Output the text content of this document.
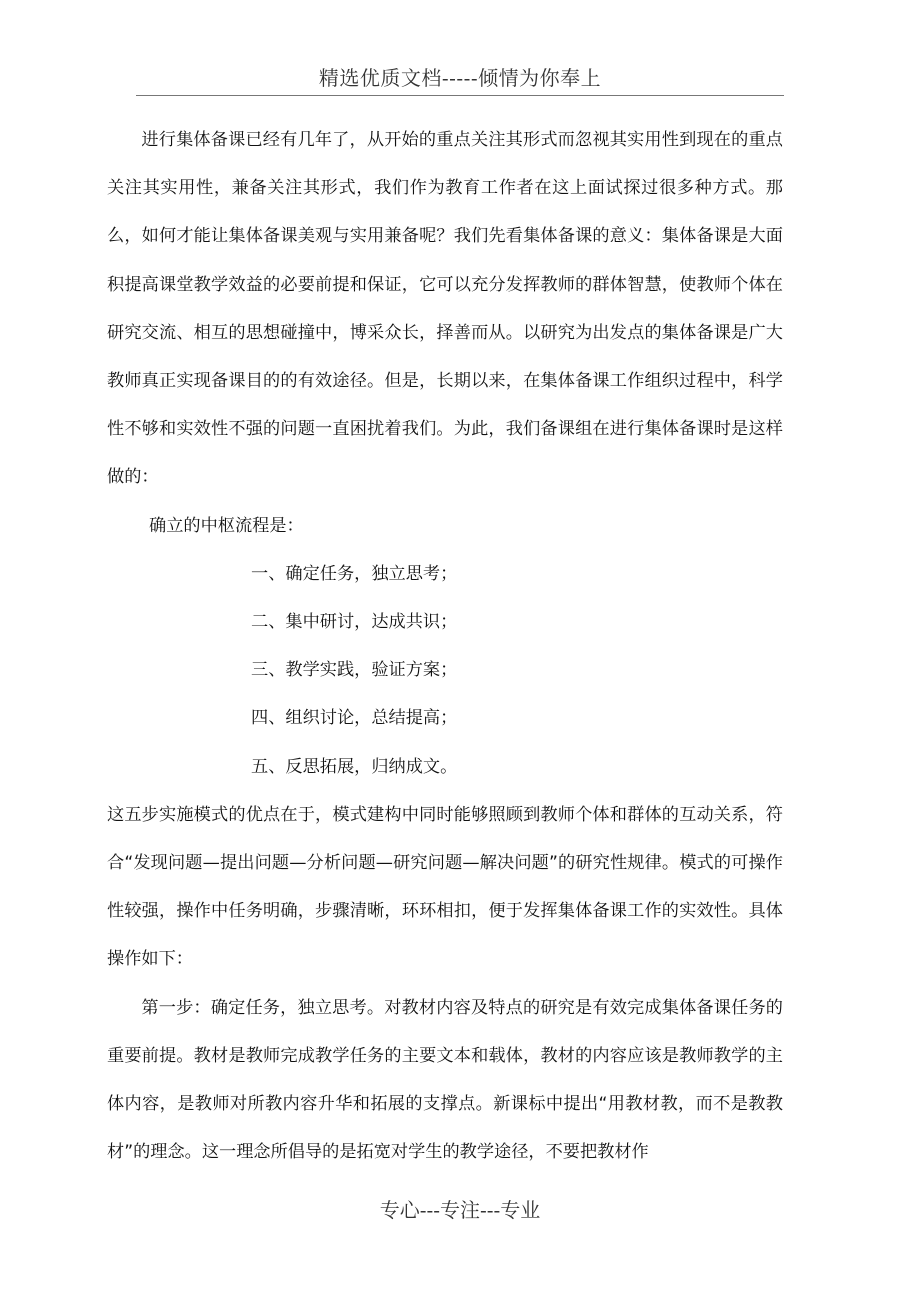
精选优质文档-----倾情为你奉上

进行集体备课已经有几年了，从开始的重点关注其形式而忽视其实用性到现在的重点关注其实用性，兼备关注其形式，我们作为教育工作者在这上面试探过很多种方式。那么，如何才能让集体备课美观与实用兼备呢？我们先看集体备课的意义：集体备课是大面积提高课堂教学效益的必要前提和保证，它可以充分发挥教师的群体智慧，使教师个体在研究交流、相互的思想碰撞中，博采众长，择善而从。以研究为出发点的集体备课是广大教师真正实现备课目的的有效途径。但是，长期以来，在集体备课工作组织过程中，科学性不够和实效性不强的问题一直困扰着我们。为此，我们备课组在进行集体备课时是这样做的：

确立的中枢流程是：

一、确定任务，独立思考；

二、集中研讨，达成共识；

三、教学实践，验证方案；

四、组织讨论，总结提高；

五、反思拓展，归纳成文。

这五步实施模式的优点在于，模式建构中同时能够照顾到教师个体和群体的互动关系，符合“发现问题—提出问题—分析问题—研究问题—解决问题”的研究性规律。模式的可操作性较强，操作中任务明确，步骤清晰，环环相扣，便于发挥集体备课工作的实效性。具体操作如下：

第一步：确定任务，独立思考。对教材内容及特点的研究是有效完成集体备课任务的重要前提。教材是教师完成教学任务的主要文本和载体，教材的内容应该是教师教学的主体内容，是教师对所教内容升华和拓展的支撑点。新课标中提出“用教材教，而不是教教材”的理念。这一理念所倡导的是拓宽对学生的教学途径，不要把教材作

专心---专注---专业
